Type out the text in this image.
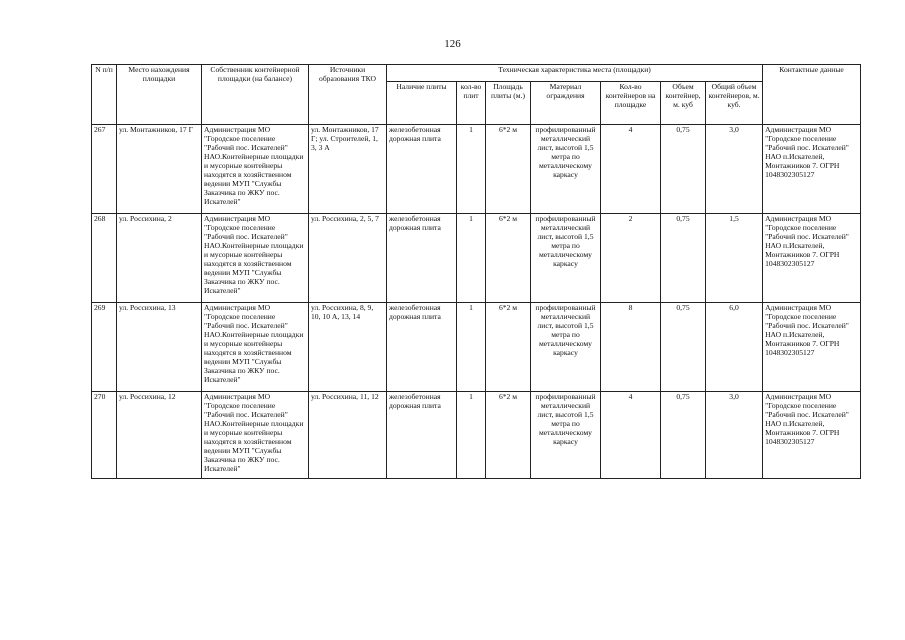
126
N п/п	Место нахождения площадки	Собственник контейнерной площадки (на балансе)	Источники образования ТКО	Техническая характеристика места (площадки)							Контактные данные
				Наличие плиты	кол-во плит	Площадь плиты (м.)	Материал ограждения	Кол-во контейнеров на площадке	Объем контейнер, м. куб	Общий объем контейнеров, м. куб.	
267	ул. Монтажников, 17 Г	Администрация МО "Городское поселение "Рабочий пос. Искателей" НАО.Контейнерные площадки и мусорные контейнеры находятся в хозяйственном ведении МУП "Службы Заказчика по ЖКУ пос. Искателей"	ул. Монтажников, 17 Г; ул. Строителей, 1, 3, 3 А	железобетонная дорожная плита	1	6*2 м	профилированный металлический лист, высотой 1,5 метра по металлическому каркасу	4	0,75	3,0	Администрация МО "Городское поселение "Рабочий пос. Искателей" НАО п.Искателей, Монтажников 7. ОГРН 1048302305127
268	ул. Россихина, 2	Администрация МО "Городское поселение "Рабочий пос. Искателей" НАО.Контейнерные площадки и мусорные контейнеры находятся в хозяйственном ведении МУП "Службы Заказчика по ЖКУ пос. Искателей"	ул. Россихина, 2, 5, 7	железобетонная дорожная плита	1	6*2 м	профилированный металлический лист, высотой 1,5 метра по металлическому каркасу	2	0,75	1,5	Администрация МО "Городское поселение "Рабочий пос. Искателей" НАО п.Искателей, Монтажников 7. ОГРН 1048302305127
269	ул. Россихина, 13	Администрация МО "Городское поселение "Рабочий пос. Искателей" НАО.Контейнерные площадки и мусорные контейнеры находятся в хозяйственном ведении МУП "Службы Заказчика по ЖКУ пос. Искателей"	ул. Россихина, 8, 9, 10, 10 А, 13, 14	железобетонная дорожная плита	1	6*2 м	профилированный металлический лист, высотой 1,5 метра по металлическому каркасу	8	0,75	6,0	Администрация МО "Городское поселение "Рабочий пос. Искателей" НАО п.Искателей, Монтажников 7. ОГРН 1048302305127
270	ул. Россихина, 12	Администрация МО "Городское поселение "Рабочий пос. Искателей" НАО.Контейнерные площадки и мусорные контейнеры находятся в хозяйственном ведении МУП "Службы Заказчика по ЖКУ пос. Искателей"	ул. Россихина, 11, 12	железобетонная дорожная плита	1	6*2 м	профилированный металлический лист, высотой 1,5 метра по металлическому каркасу	4	0,75	3,0	Администрация МО "Городское поселение "Рабочий пос. Искателей" НАО п.Искателей, Монтажников 7. ОГРН 1048302305127
